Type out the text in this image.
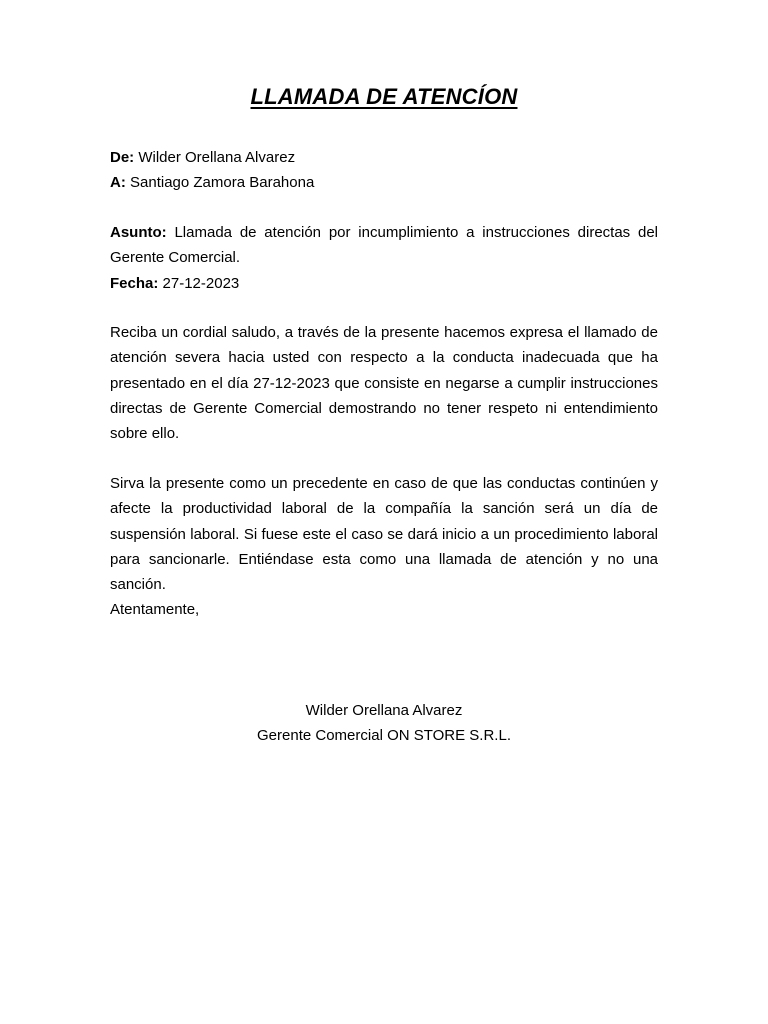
LLAMADA DE ATENCÍON
De: Wilder Orellana Alvarez
A: Santiago Zamora Barahona
Asunto: Llamada de atención por incumplimiento a instrucciones directas del Gerente Comercial.
Fecha: 27-12-2023
Reciba un cordial saludo, a través de la presente hacemos expresa el llamado de atención severa hacia usted con respecto a la conducta inadecuada que ha presentado en el día 27-12-2023 que consiste en negarse a cumplir instrucciones directas de Gerente Comercial demostrando no tener respeto ni entendimiento sobre ello.
Sirva la presente como un precedente en caso de que las conductas continúen y afecte la productividad laboral de la compañía la sanción será un día de suspensión laboral. Si fuese este el caso se dará inicio a un procedimiento laboral para sancionarle. Entiéndase esta como una llamada de atención y no una sanción.
Atentamente,
Wilder Orellana Alvarez
Gerente Comercial ON STORE S.R.L.
